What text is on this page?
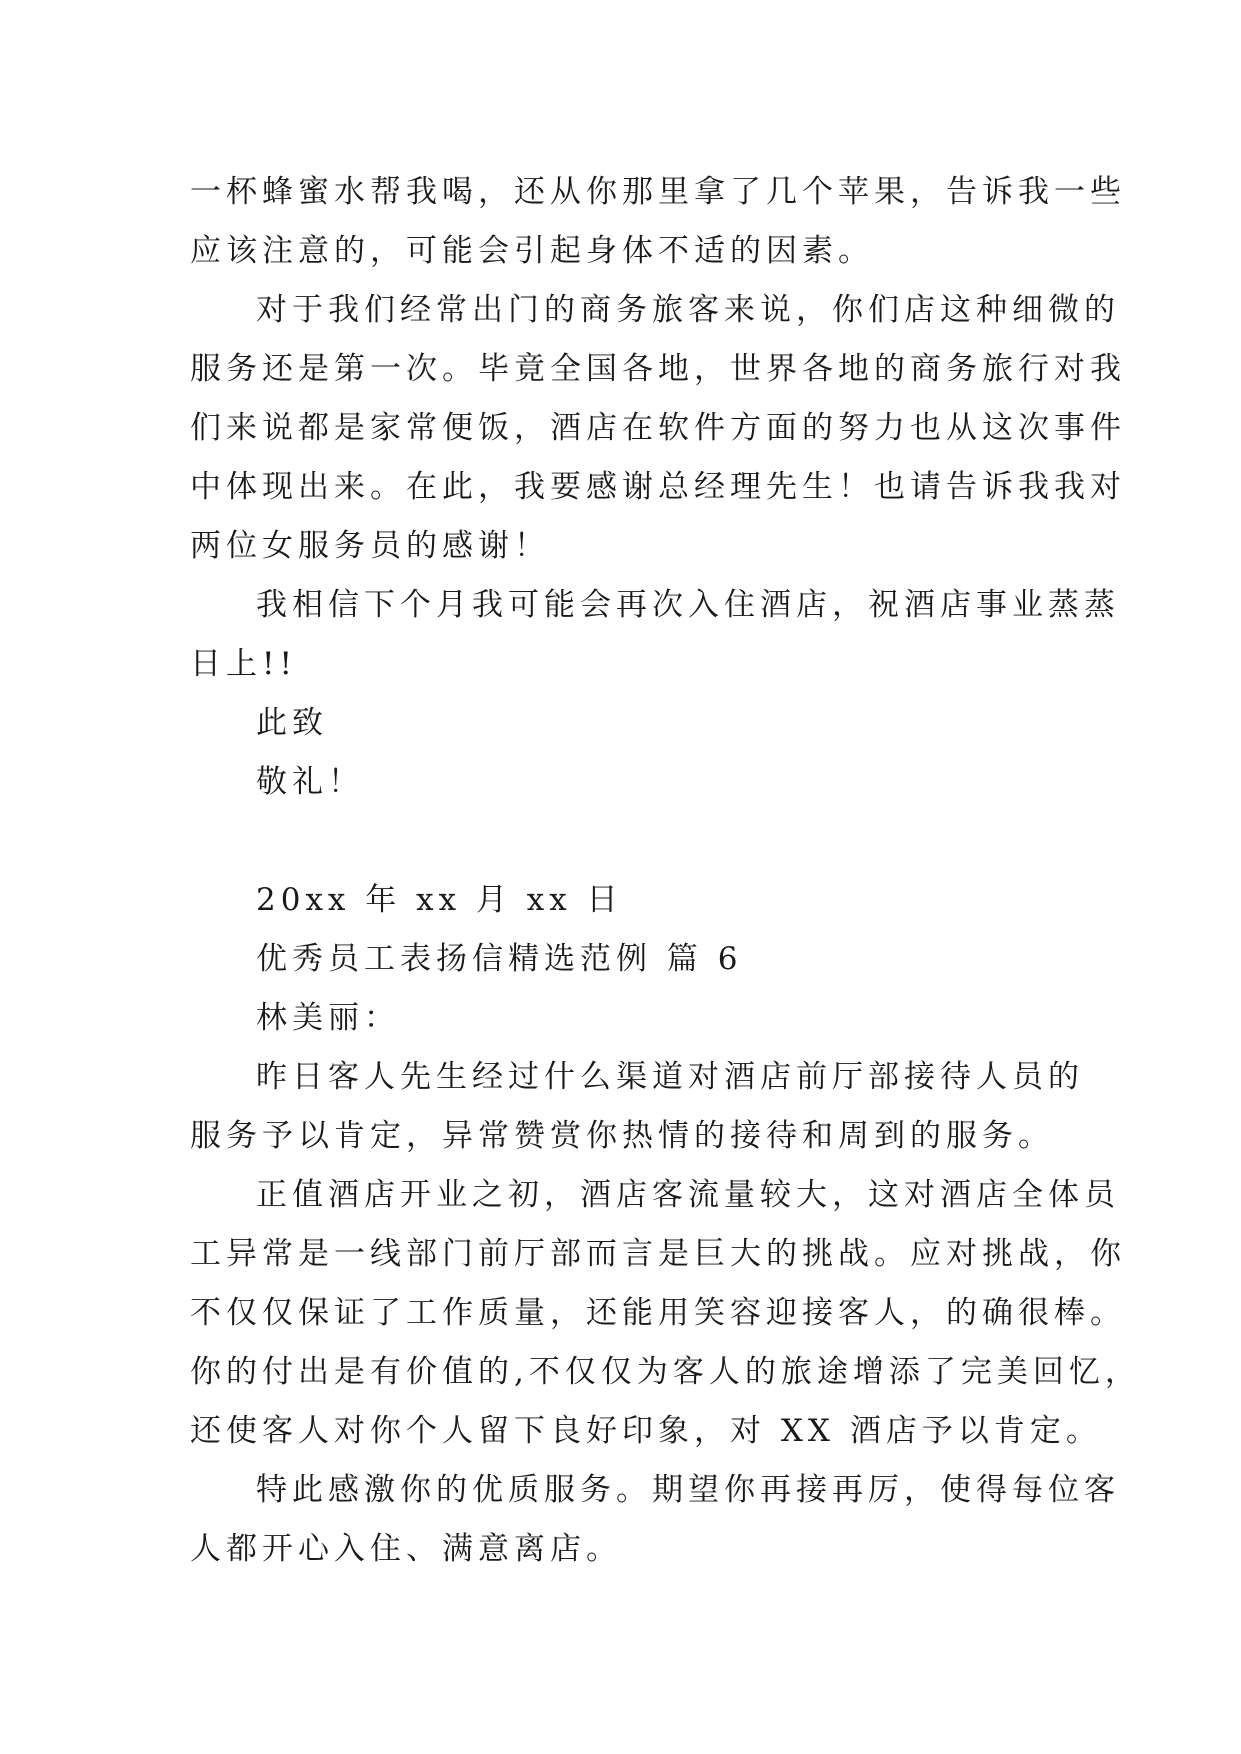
一杯蜂蜜水帮我喝，还从你那里拿了几个苹果，告诉我一些
应该注意的，可能会引起身体不适的因素。
对于我们经常出门的商务旅客来说，你们店这种细微的
服务还是第一次。毕竟全国各地，世界各地的商务旅行对我
们来说都是家常便饭，酒店在软件方面的努力也从这次事件
中体现出来。在此，我要感谢总经理先生！也请告诉我我对
两位女服务员的感谢！
我相信下个月我可能会再次入住酒店，祝酒店事业蒸蒸
日上!!
此致
敬礼！
20xx 年 xx 月 xx 日
优秀员工表扬信精选范例 篇 6
林美丽：
昨日客人先生经过什么渠道对酒店前厅部接待人员的
服务予以肯定，异常赞赏你热情的接待和周到的服务。
正值酒店开业之初，酒店客流量较大，这对酒店全体员
工异常是一线部门前厅部而言是巨大的挑战。应对挑战，你
不仅仅保证了工作质量，还能用笑容迎接客人，的确很棒。
你的付出是有价值的,不仅仅为客人的旅途增添了完美回忆，
还使客人对你个人留下良好印象，对 XX 酒店予以肯定。
特此感激你的优质服务。期望你再接再厉，使得每位客
人都开心入住、满意离店。
